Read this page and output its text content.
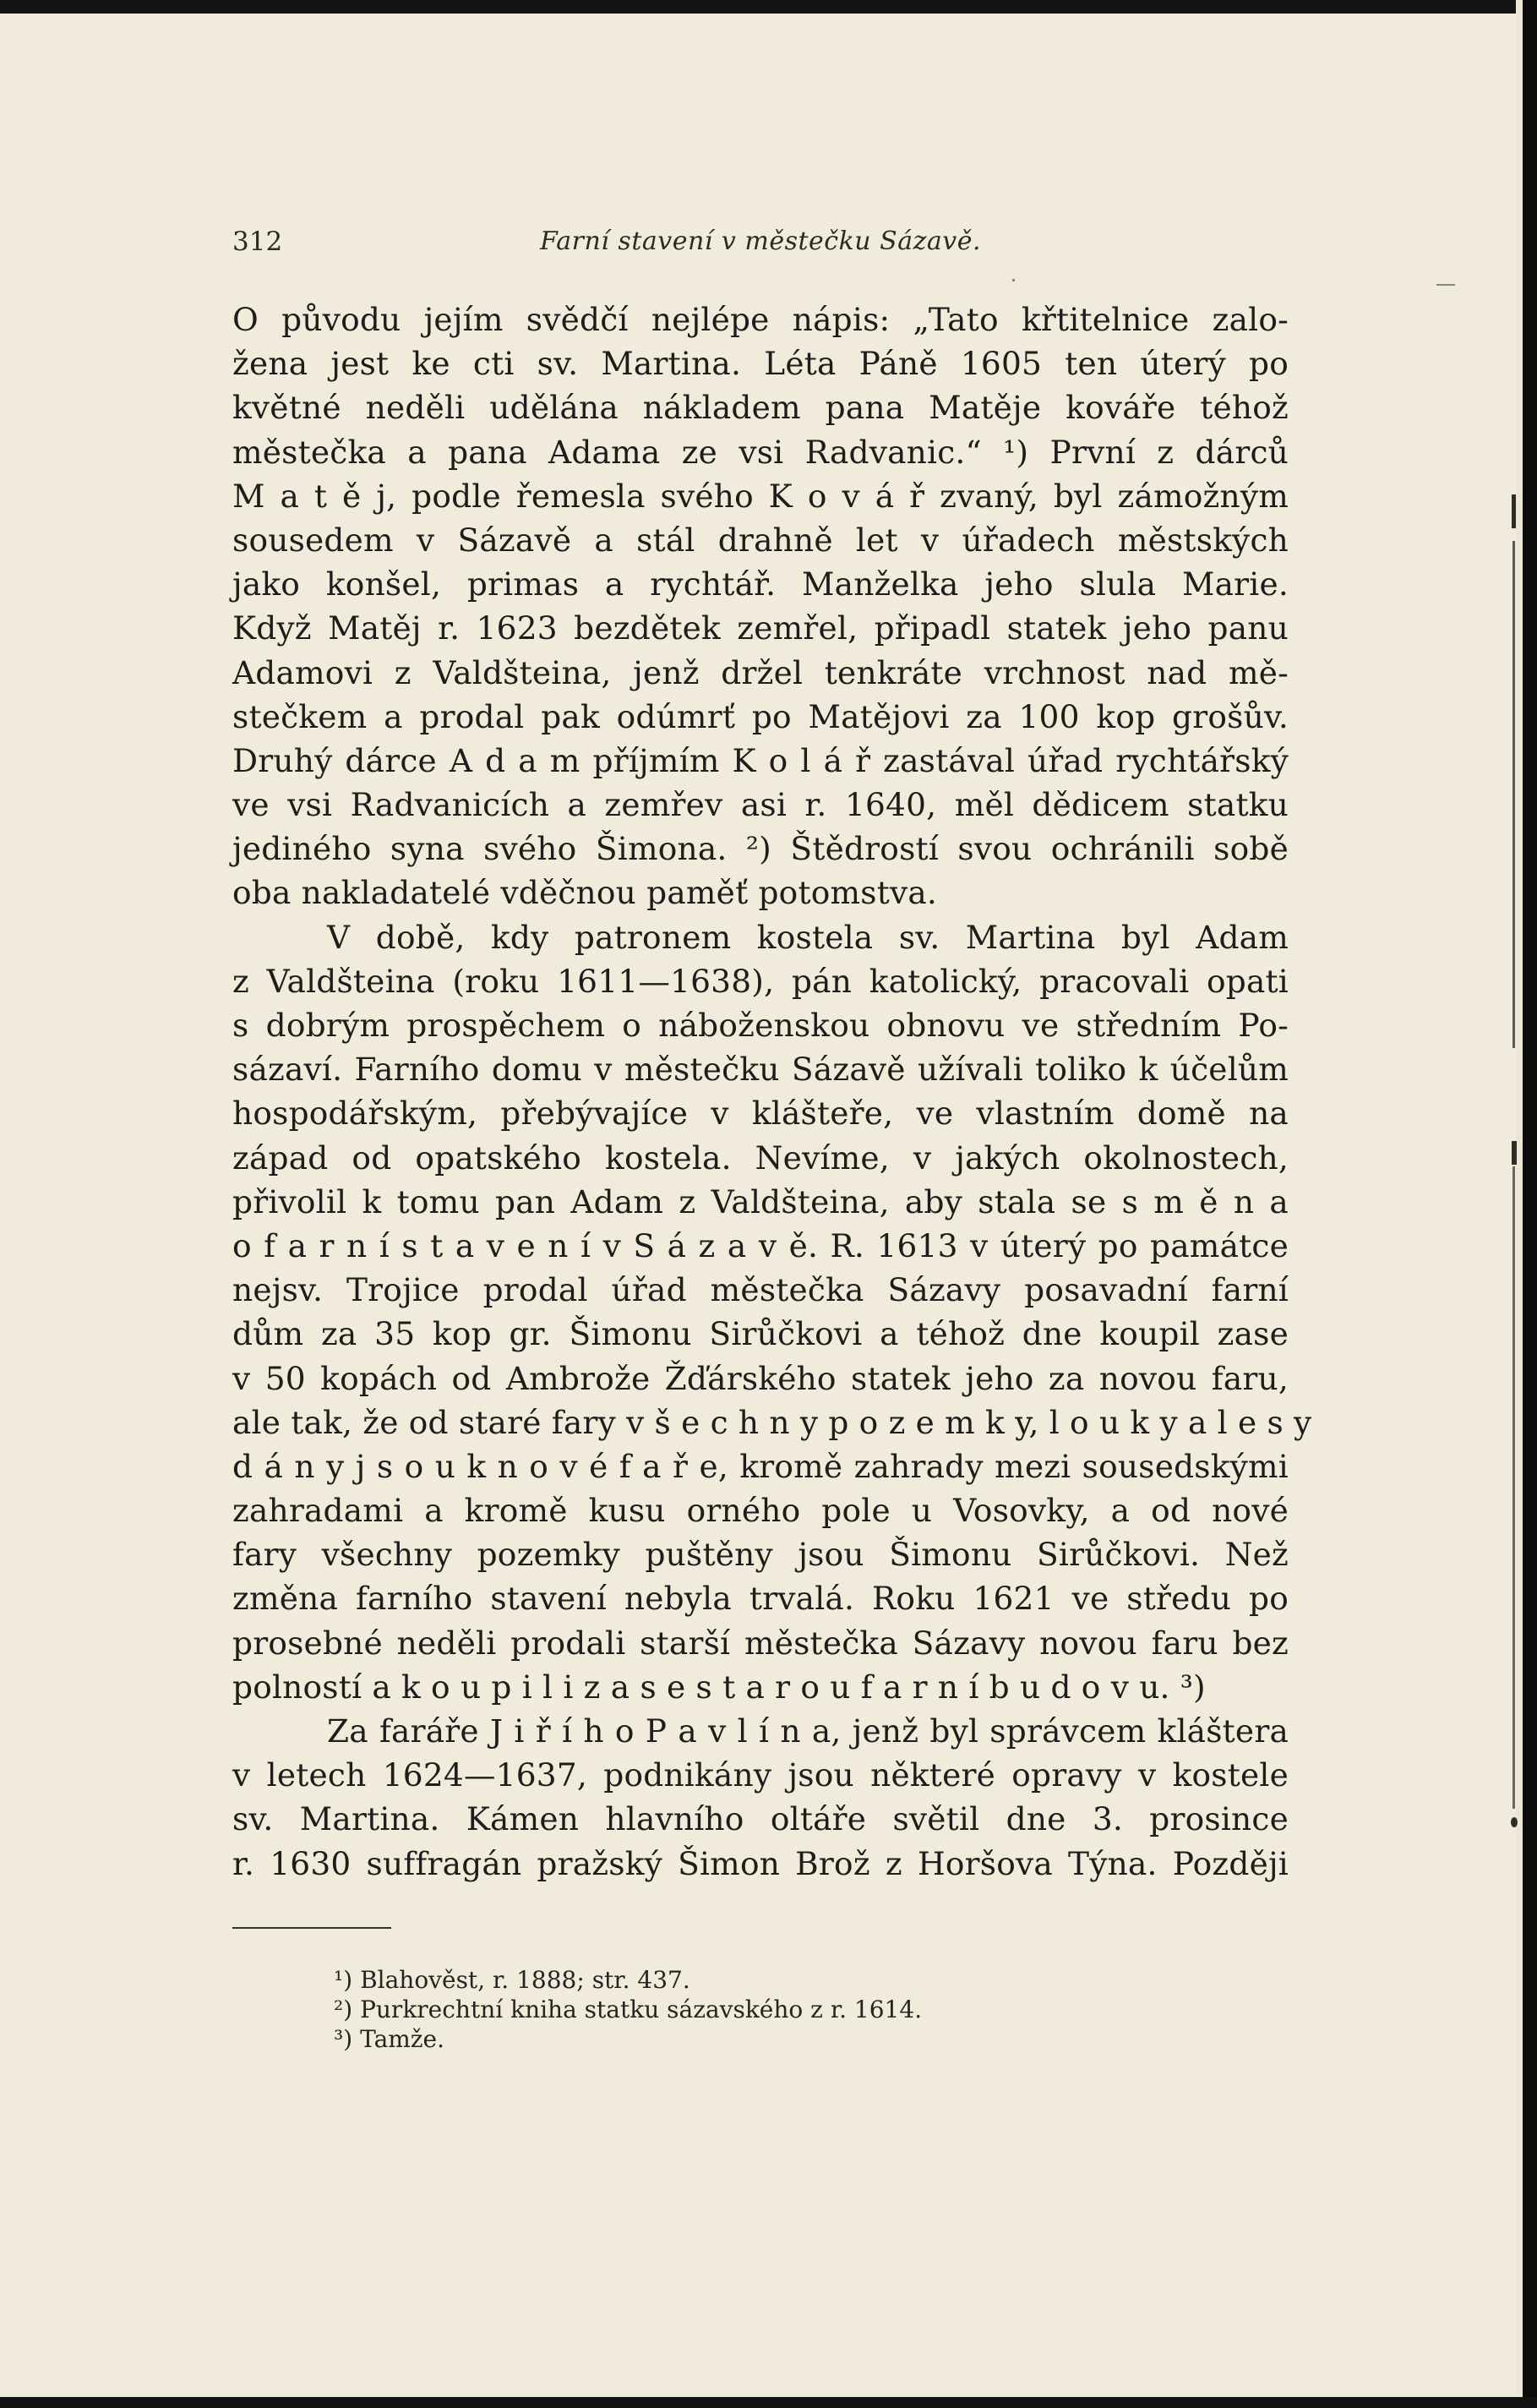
312	Farní stavení v městečku Sázavě.
O původu jejím svědčí nejlépe nápis: „Tato křtitelnice zalo-
žena jest ke cti sv. Martina. Léta Páně 1605 ten úterý po
květné neděli udělána nákladem pana Matěje kováře téhož
městečka a pana Adama ze vsi Radvanic.“ ¹) První z dárců
M a t ě j, podle řemesla svého K o v á ř zvaný, byl zámožným
sousedem v Sázavě a stál drahně let v úřadech městských
jako konšel, primas a rychtář. Manželka jeho slula Marie.
Když Matěj r. 1623 bezdětek zemřel, připadl statek jeho panu
Adamovi z Valdšteina, jenž držel tenkráte vrchnost nad mě-
stečkem a prodal pak odúmrť po Matějovi za 100 kop grošův.
Druhý dárce A d a m příjmím K o l á ř zastával úřad rychtářský
ve vsi Radvanicích a zemřev asi r. 1640, měl dědicem statku
jediného syna svého Šimona. ²) Štědrostí svou ochránili sobě
oba nakladatelé vděčnou paměť potomstva.
V době, kdy patronem kostela sv. Martina byl Adam
z Valdšteina (roku 1611—1638), pán katolický, pracovali opati
s dobrým prospěchem o náboženskou obnovu ve středním Po-
sázaví. Farního domu v městečku Sázavě užívali toliko k účelům
hospodářským, přebývajíce v klášteře, ve vlastním domě na
západ od opatského kostela. Nevíme, v jakých okolnostech,
přivolil k tomu pan Adam z Valdšteina, aby stala se s m ě n a
o f a r n í s t a v e n í v S á z a v ě. R. 1613 v úterý po památce
nejsv. Trojice prodal úřad městečka Sázavy posavadní farní
dům za 35 kop gr. Šimonu Sirůčkovi a téhož dne koupil zase
v 50 kopách od Ambrože Žďárského statek jeho za novou faru,
ale tak, že od staré fary v š e c h n y p o z e m k y, l o u k y a l e s y
d á n y j s o u k n o v é f a ř e, kromě zahrady mezi sousedskými
zahradami a kromě kusu orného pole u Vosovky, a od nové
fary všechny pozemky puštěny jsou Šimonu Sirůčkovi. Než
změna farního stavení nebyla trvalá. Roku 1621 ve středu po
prosebné neděli prodali starší městečka Sázavy novou faru bez
polností a k o u p i l i z a s e s t a r o u f a r n í b u d o v u. ³)
Za faráře J i ř í h o P a v l í n a, jenž byl správcem kláštera
v letech 1624—1637, podnikány jsou některé opravy v kostele
sv. Martina. Kámen hlavního oltáře světil dne 3. prosince
r. 1630 suffragán pražský Šimon Brož z Horšova Týna. Později
¹) Blahověst, r. 1888; str. 437.
²) Purkrechtní kniha statku sázavského z r. 1614.
³) Tamže.
